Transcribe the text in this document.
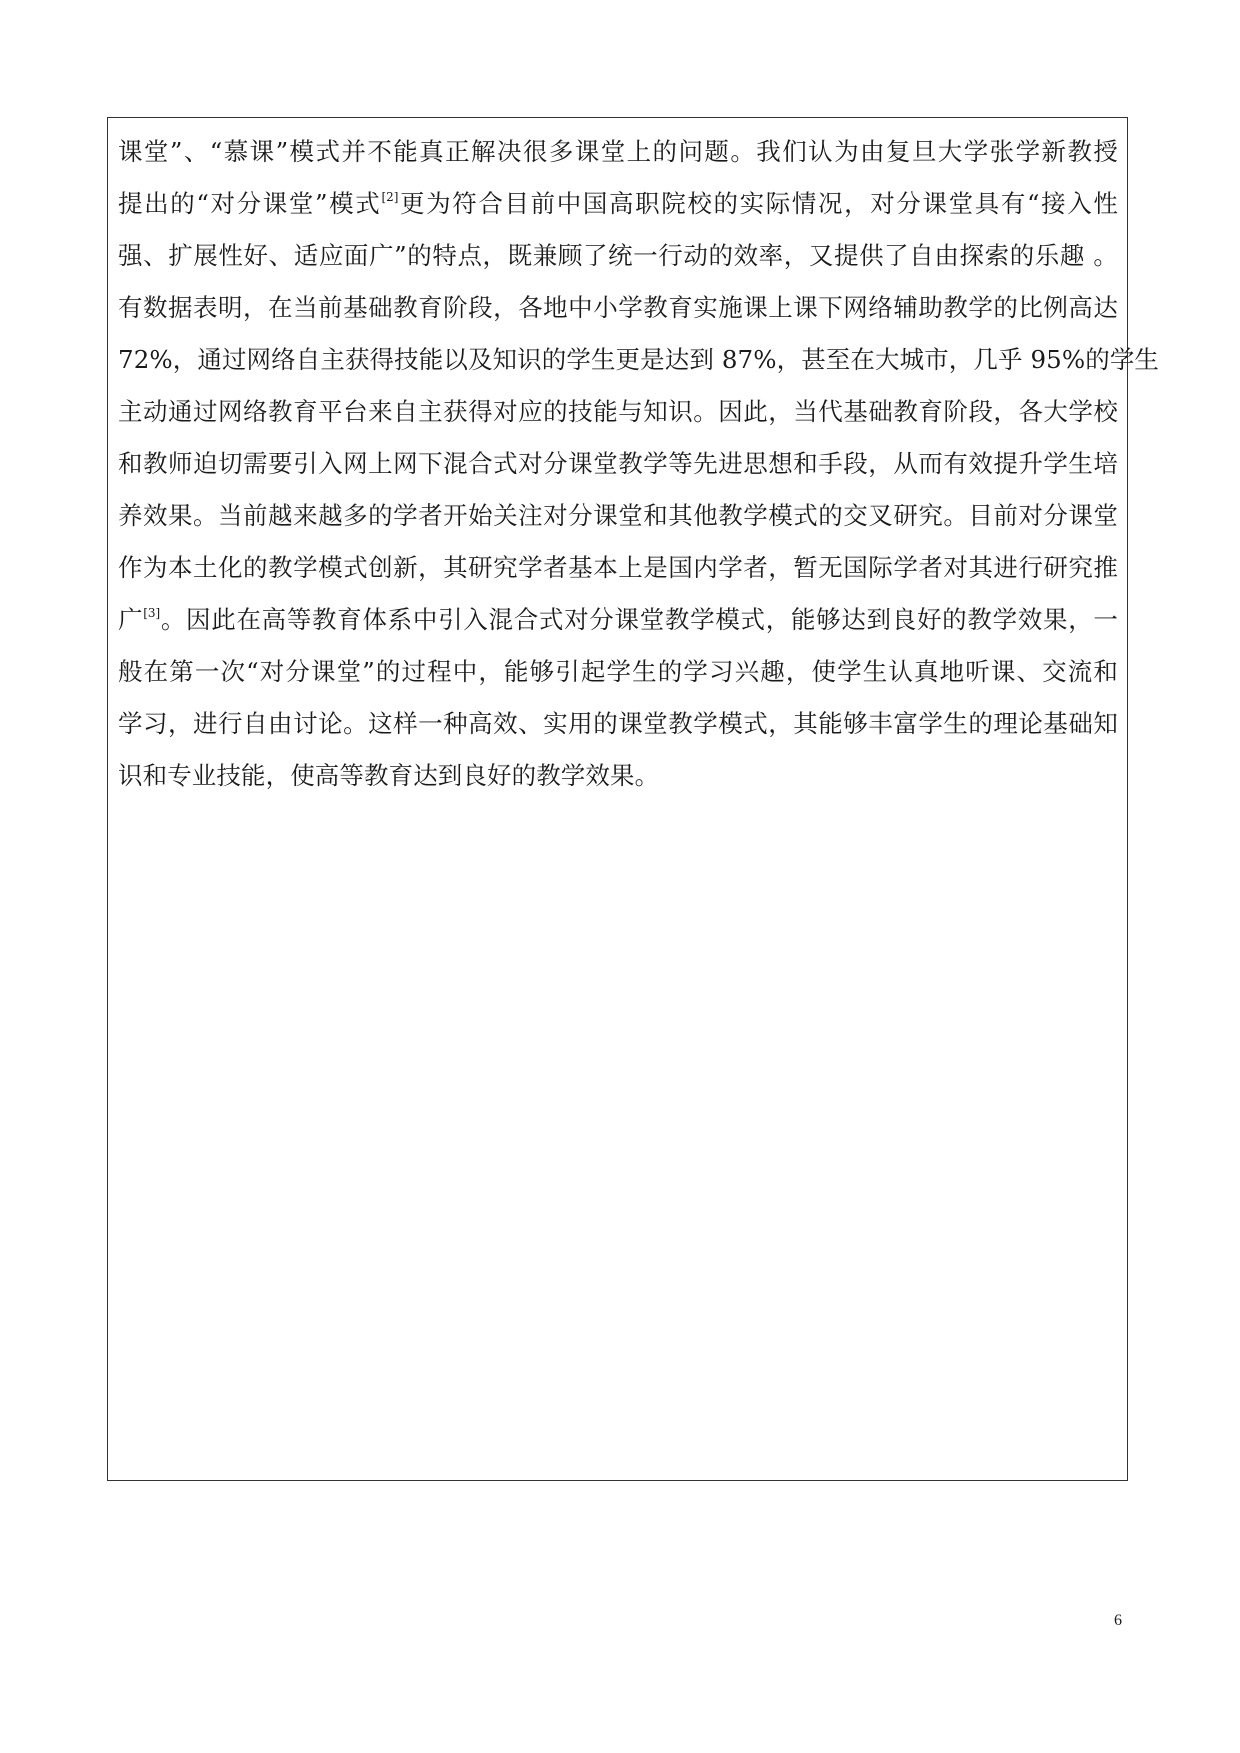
课堂”、“慕课”模式并不能真正解决很多课堂上的问题。我们认为由复旦大学张学新教授
提出的“对分课堂”模式[2]更为符合目前中国高职院校的实际情况，对分课堂具有“接入性
强、扩展性好、适应面广”的特点，既兼顾了统一行动的效率，又提供了自由探索的乐趣 。
有数据表明，在当前基础教育阶段，各地中小学教育实施课上课下网络辅助教学的比例高达
72%，通过网络自主获得技能以及知识的学生更是达到 87%，甚至在大城市，几乎 95%的学生
主动通过网络教育平台来自主获得对应的技能与知识。因此，当代基础教育阶段，各大学校
和教师迫切需要引入网上网下混合式对分课堂教学等先进思想和手段，从而有效提升学生培
养效果。当前越来越多的学者开始关注对分课堂和其他教学模式的交叉研究。目前对分课堂
作为本土化的教学模式创新，其研究学者基本上是国内学者，暂无国际学者对其进行研究推
广[3]。因此在高等教育体系中引入混合式对分课堂教学模式，能够达到良好的教学效果，一
般在第一次“对分课堂”的过程中，能够引起学生的学习兴趣，使学生认真地听课、交流和
学习，进行自由讨论。这样一种高效、实用的课堂教学模式，其能够丰富学生的理论基础知
识和专业技能，使高等教育达到良好的教学效果。
6
